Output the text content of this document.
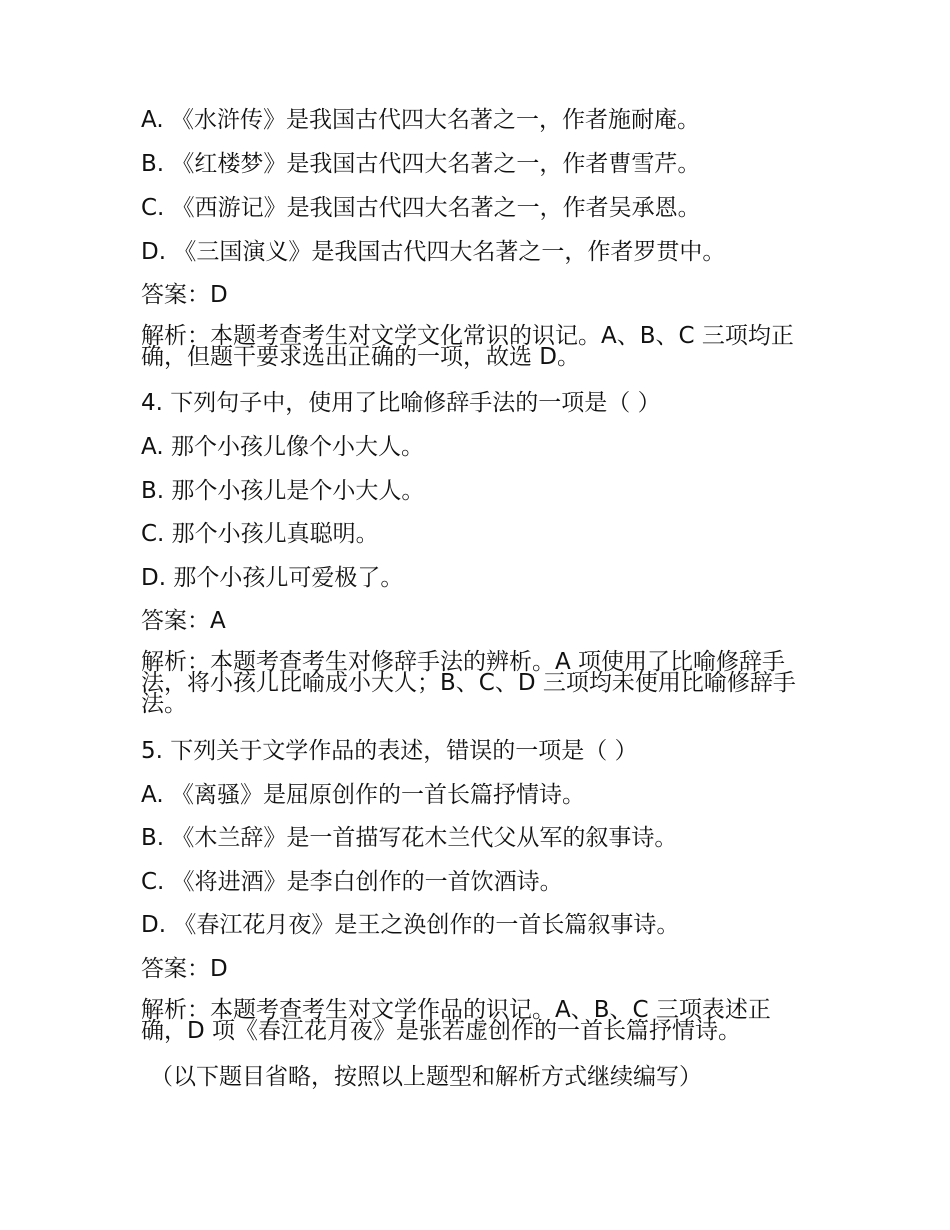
A. 《水浒传》是我国古代四大名著之一，作者施耐庵。
B. 《红楼梦》是我国古代四大名著之一，作者曹雪芹。
C. 《西游记》是我国古代四大名著之一，作者吴承恩。
D. 《三国演义》是我国古代四大名著之一，作者罗贯中。
答案：D
解析：本题考查考生对文学文化常识的识记。A、B、C 三项均正确，但题干要求选出正确的一项，故选 D。
4. 下列句子中，使用了比喻修辞手法的一项是（ ）
A. 那个小孩儿像个小大人。
B. 那个小孩儿是个小大人。
C. 那个小孩儿真聪明。
D. 那个小孩儿可爱极了。
答案：A
解析：本题考查考生对修辞手法的辨析。A 项使用了比喻修辞手法，将小孩儿比喻成小大人；B、C、D 三项均未使用比喻修辞手法。
5. 下列关于文学作品的表述，错误的一项是（ ）
A. 《离骚》是屈原创作的一首长篇抒情诗。
B. 《木兰辞》是一首描写花木兰代父从军的叙事诗。
C. 《将进酒》是李白创作的一首饮酒诗。
D. 《春江花月夜》是王之涣创作的一首长篇叙事诗。
答案：D
解析：本题考查考生对文学作品的识记。A、B、C 三项表述正确，D 项《春江花月夜》是张若虚创作的一首长篇抒情诗。
（以下题目省略，按照以上题型和解析方式继续编写）
